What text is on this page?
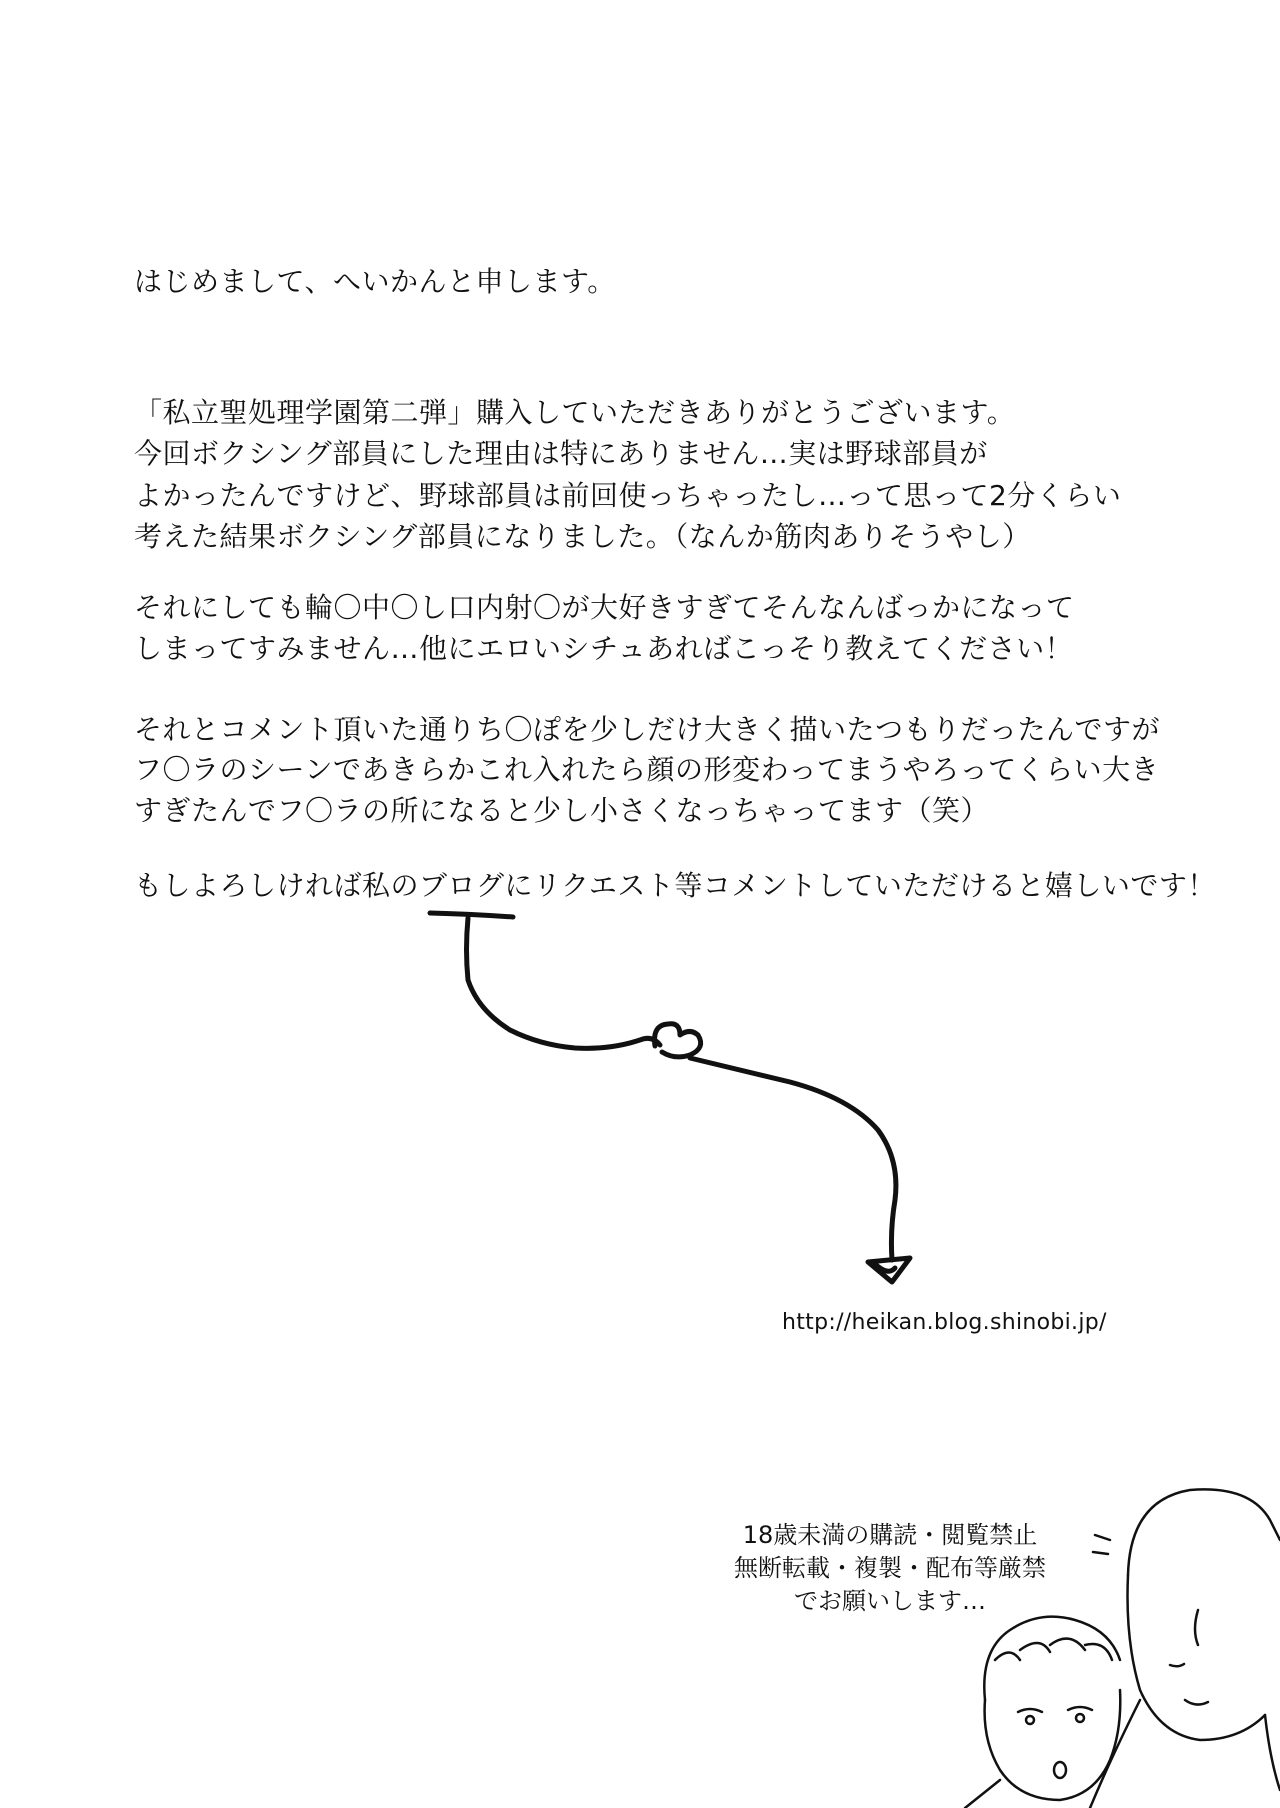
はじめまして、へいかんと申します。
「私立聖処理学園第二弾」購入していただきありがとうございます。
今回ボクシング部員にした理由は特にありません…実は野球部員が
よかったんですけど、野球部員は前回使っちゃったし…って思って2分くらい
考えた結果ボクシング部員になりました。（なんか筋肉ありそうやし）
それにしても輪〇中〇し口内射〇が大好きすぎてそんなんばっかになって
しまってすみません…他にエロいシチュあればこっそり教えてください！
それとコメント頂いた通りち〇ぽを少しだけ大きく描いたつもりだったんですが
フ〇ラのシーンであきらかこれ入れたら顔の形変わってまうやろってくらい大き
すぎたんでフ〇ラの所になると少し小さくなっちゃってます（笑）
もしよろしければ私のブログにリクエスト等コメントしていただけると嬉しいです！
http://heikan.blog.shinobi.jp/
18歳未満の購読・閲覧禁止
無断転載・複製・配布等厳禁
でお願いします…
